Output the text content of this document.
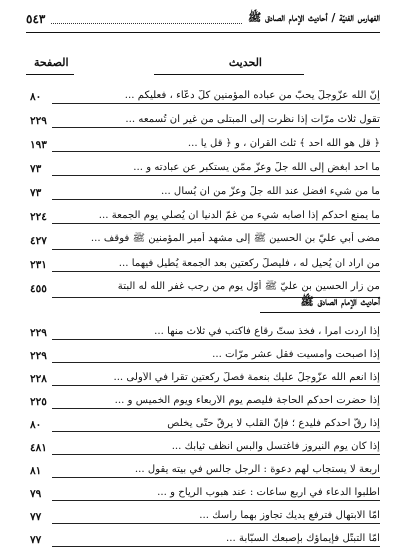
الفهارس الفنيّة / أحاديث الإمام الصادق ﷺ
٥٤٣
الحديث
الصفحة
إنّ الله عزّوجلّ يحبّ من عباده المؤمنين كلّ دعّاء ، فعليكم ...
٨٠
تقول ثلاث مرّات إذا نظرت إلى المبتلى من غير أن تُسمعه ...
٢٢٩
﴿ قل هو الله أحد ﴾ ثلث القرآن ، و ﴿ قل يا ...
١٩٣
ما أحد أبغض إلى الله جلّ وعزّ ممّن يستكبر عن عبادته و ...
٧٣
ما من شيء أفضل عند الله جلّ وعزّ من أن يُسأل ...
٧٣
ما يمنع أحدكم إذا أصابه شيء من غمّ الدنيا أن يُصلّي يوم الجمعة ...
٢٢٤
مضى أبي عليّ بن الحسين ﷺ إلى مشهد أمير المؤمنين ﷺ فوقف ...
٤٢٧
من أراد أن يُحيل له ، فليصلّ ركعتين بعد الجمعة يُطيل فيهما ...
٢٣١
من زار الحسين بن عليّ ﷺ أوّل يوم من رجب غفر الله له البتة
٤٥٥
أحاديث الإمام الصادق ﷺ
إذا أردت أمراً ، فخذ ستّ رقاع فاكتب في ثلاث منها ...
٢٢٩
إذا أصبحت وأمسيت فقل عشر مرّات ...
٢٢٩
إذا أنعم الله عزّوجلّ عليك بنعمة فصلّ ركعتين تقرأ في الأُولى ...
٢٢٨
إذا حضرت أحدكم الحاجة فليصم يوم الأربعاء ويوم الخميس و ...
٢٢٥
إذا رقّ أحدكم فليدع ؛ فإنّ القلب لا يرقّ حتّى يخلص
٨٠
إذا كان يوم النيروز فاغتسل والبس أنظف ثيابك ...
٤٨١
أربعة لا يستجاب لهم دعوة : الرجل جالس في بيته يقول ...
٨١
اطلبوا الدعاء في أربع ساعات : عند هبوب الرياح و ...
٧٩
أمّا الابتهال فترفع يديك تجاوز بهما رأسك ...
٧٧
أمّا التبتّل فإيماؤك بإصبعك السبّابة ...
٧٧
